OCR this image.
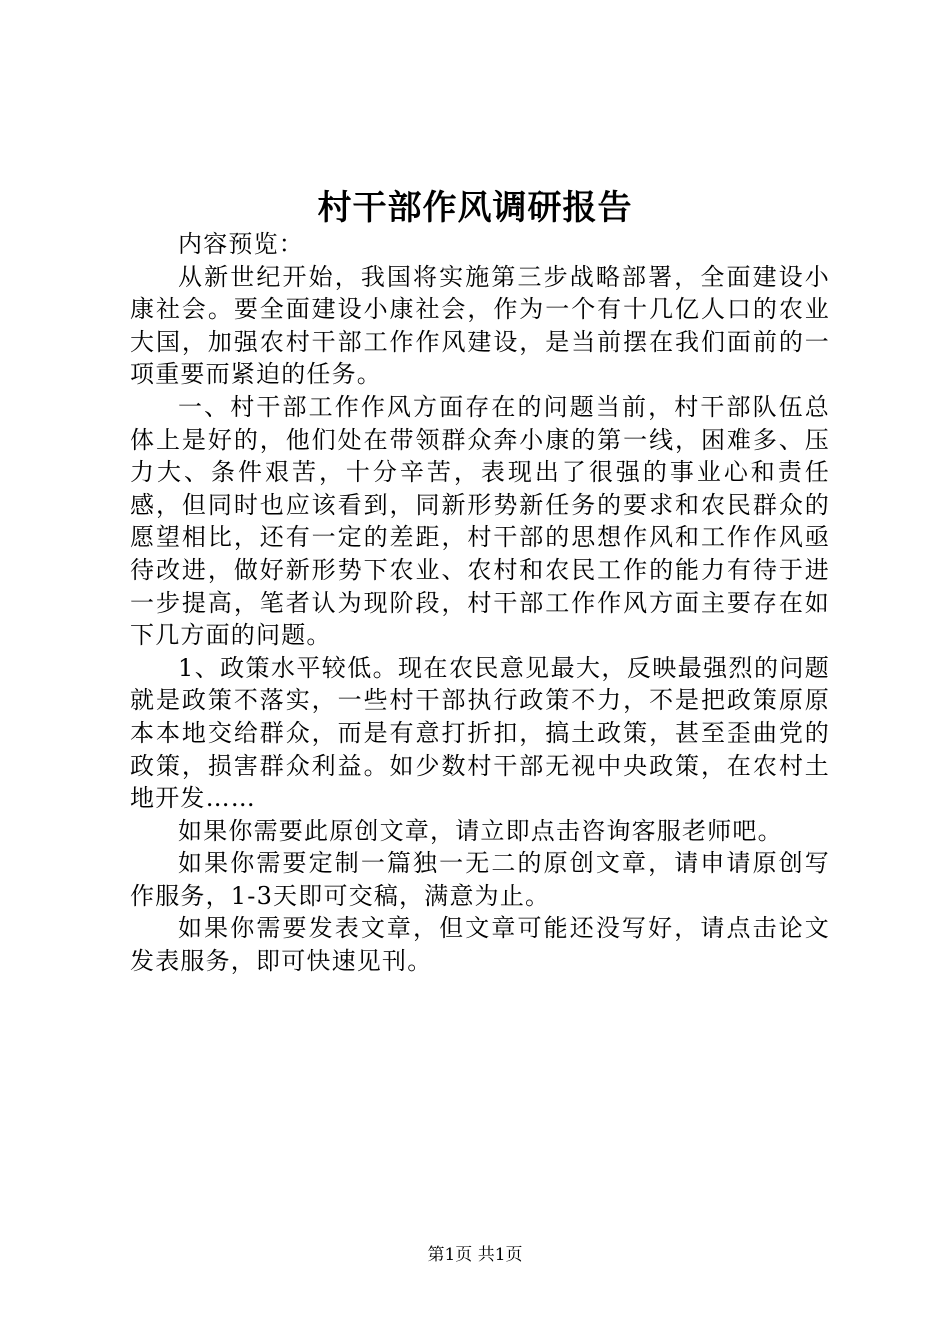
村干部作风调研报告

内容预览：

从新世纪开始，我国将实施第三步战略部署，全面建设小康社会。要全面建设小康社会，作为一个有十几亿人口的农业大国，加强农村干部工作作风建设，是当前摆在我们面前的一项重要而紧迫的任务。

一、村干部工作作风方面存在的问题当前，村干部队伍总体上是好的，他们处在带领群众奔小康的第一线，困难多、压力大、条件艰苦，十分辛苦，表现出了很强的事业心和责任感，但同时也应该看到，同新形势新任务的要求和农民群众的愿望相比，还有一定的差距，村干部的思想作风和工作作风亟待改进，做好新形势下农业、农村和农民工作的能力有待于进一步提高，笔者认为现阶段，村干部工作作风方面主要存在如下几方面的问题。

1、政策水平较低。现在农民意见最大，反映最强烈的问题就是政策不落实，一些村干部执行政策不力，不是把政策原原本本地交给群众，而是有意打折扣，搞土政策，甚至歪曲党的政策，损害群众利益。如少数村干部无视中央政策，在农村土地开发……

如果你需要此原创文章，请立即点击咨询客服老师吧。

如果你需要定制一篇独一无二的原创文章，请申请原创写作服务，1-3天即可交稿，满意为止。

如果你需要发表文章，但文章可能还没写好，请点击论文发表服务，即可快速见刊。

第1页 共1页
